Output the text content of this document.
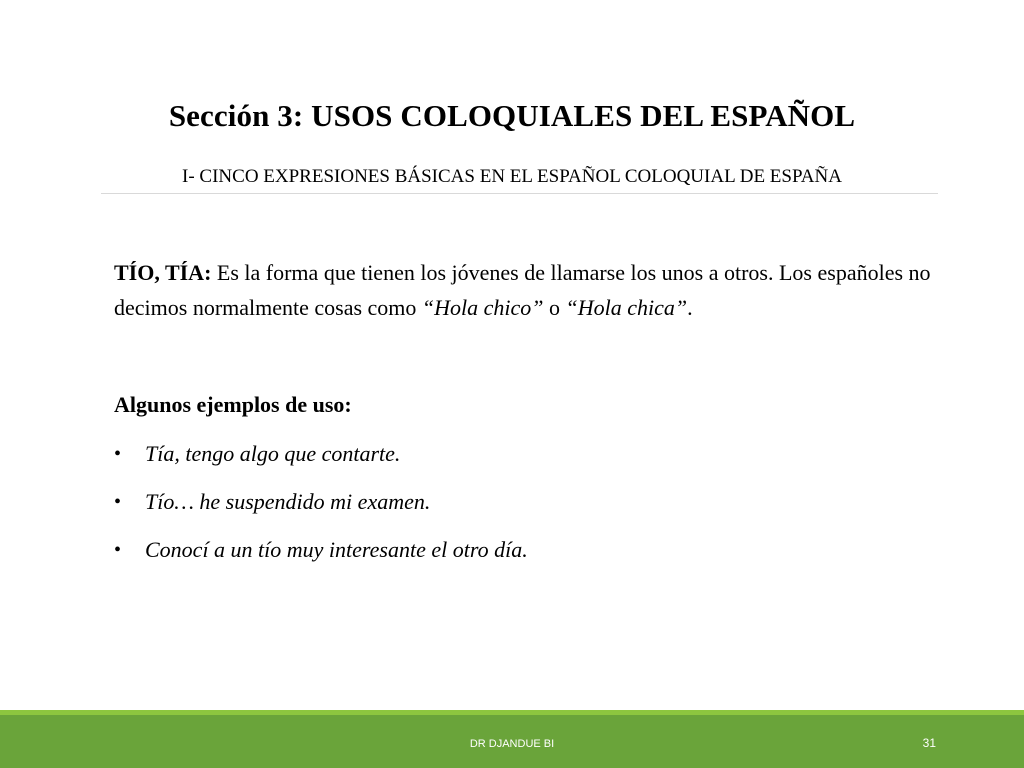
Sección 3: USOS COLOQUIALES DEL ESPAÑOL
I- CINCO EXPRESIONES BÁSICAS EN EL ESPAÑOL COLOQUIAL DE ESPAÑA
TÍO, TÍA: Es la forma que tienen los jóvenes de llamarse los unos a otros. Los españoles no decimos normalmente cosas como “Hola chico” o “Hola chica”.
Algunos ejemplos de uso:
• Tía, tengo algo que contarte.
• Tío… he suspendido mi examen.
• Conocí a un tío muy interesante el otro día.
DR DJANDUE BI	31
